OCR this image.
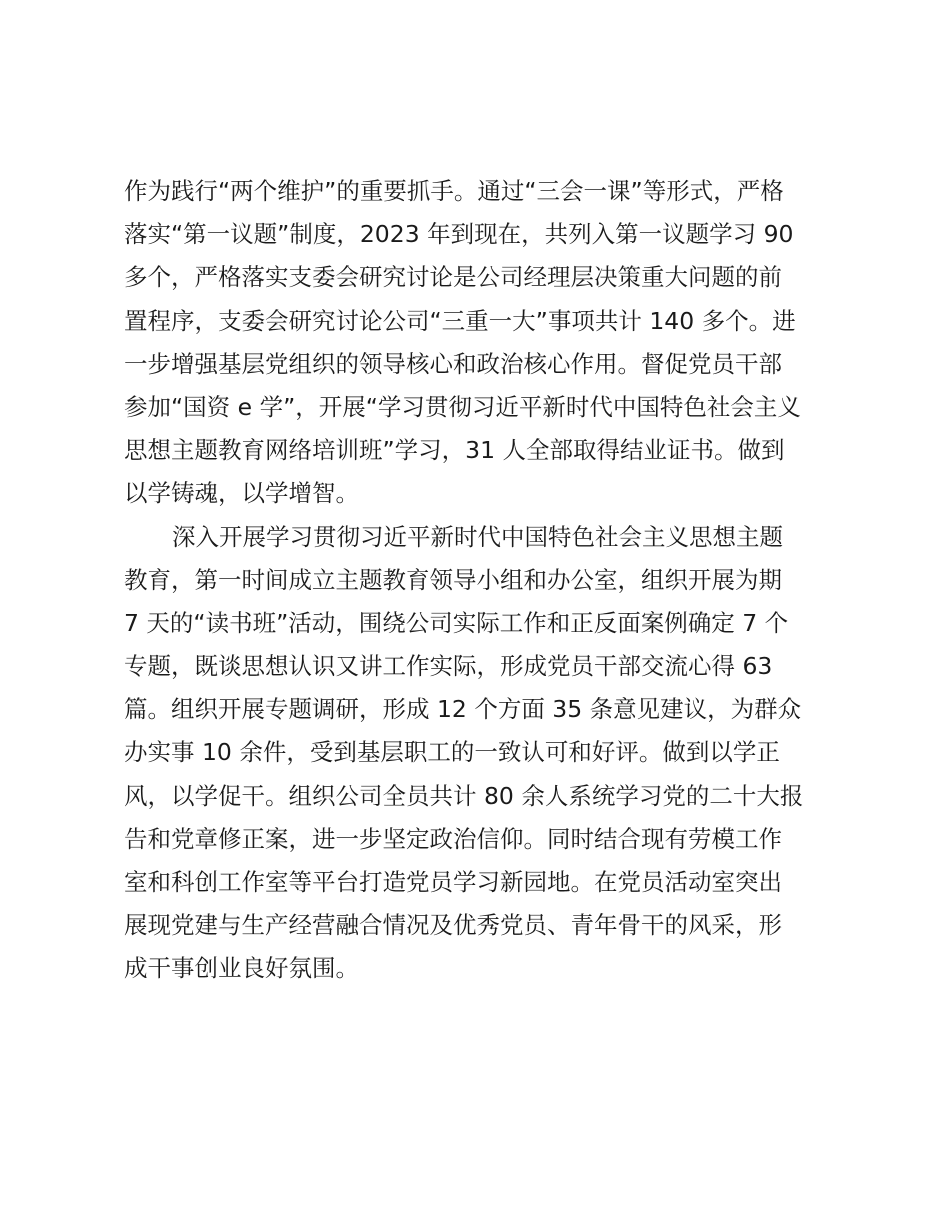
作为践行“两个维护”的重要抓手。通过“三会一课”等形式，严格
落实“第一议题”制度，2023 年到现在，共列入第一议题学习 90
多个，严格落实支委会研究讨论是公司经理层决策重大问题的前
置程序，支委会研究讨论公司“三重一大”事项共计 140 多个。进
一步增强基层党组织的领导核心和政治核心作用。督促党员干部
参加“国资 e 学”，开展“学习贯彻习近平新时代中国特色社会主义
思想主题教育网络培训班”学习，31 人全部取得结业证书。做到
以学铸魂，以学增智。
深入开展学习贯彻习近平新时代中国特色社会主义思想主题
教育，第一时间成立主题教育领导小组和办公室，组织开展为期
7 天的“读书班”活动，围绕公司实际工作和正反面案例确定 7 个
专题，既谈思想认识又讲工作实际，形成党员干部交流心得 63
篇。组织开展专题调研，形成 12 个方面 35 条意见建议，为群众
办实事 10 余件，受到基层职工的一致认可和好评。做到以学正
风，以学促干。组织公司全员共计 80 余人系统学习党的二十大报
告和党章修正案，进一步坚定政治信仰。同时结合现有劳模工作
室和科创工作室等平台打造党员学习新园地。在党员活动室突出
展现党建与生产经营融合情况及优秀党员、青年骨干的风采，形
成干事创业良好氛围。
